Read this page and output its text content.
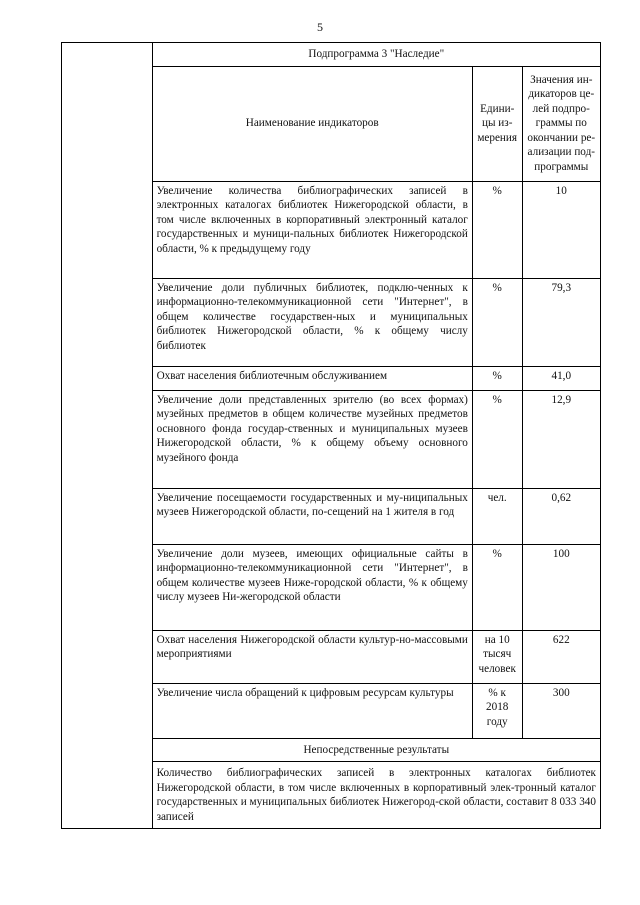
5
	Подпрограмма 3 "Наследие"		
	Наименование индикаторов	Едини-цы из-мерения	Значения ин-дикаторов це-лей подпро-граммы по окончании ре-ализации под-программы
	Увеличение количества библиографических записей в электронных каталогах библиотек Нижегородской области, в том числе включенных в корпоративный электронный каталог государственных и муници-пальных библиотек Нижегородской области, % к предыдущему году	%	10
	Увеличение доли публичных библиотек, подклю-ченных к информационно-телекоммуникационной сети "Интернет", в общем количестве государствен-ных и муниципальных библиотек Нижегородской области, % к общему числу библиотек	%	79,3
	Охват населения библиотечным обслуживанием	%	41,0
	Увеличение доли представленных зрителю (во всех формах) музейных предметов в общем количестве музейных предметов основного фонда государ-ственных и муниципальных музеев Нижегородской области, % к общему объему основного музейного фонда	%	12,9
	Увеличение посещаемости государственных и му-ниципальных музеев Нижегородской области, по-сещений на 1 жителя в год	чел.	0,62
	Увеличение доли музеев, имеющих официальные сайты в информационно-телекоммуникационной сети "Интернет", в общем количестве музеев Ниже-городской области, % к общему числу музеев Ни-жегородской области	%	100
	Охват населения Нижегородской области культур-но-массовыми мероприятиями	на 10 тысяч человек	622
	Увеличение числа обращений к цифровым ресурсам культуры	% к 2018 году	300
	Непосредственные результаты		
	Количество библиографических записей в электронных каталогах библиотек Нижегородской области, в том числе включенных в корпоративный элек-тронный каталог государственных и муниципальных библиотек Нижегород-ской области, составит 8 033 340 записей		
